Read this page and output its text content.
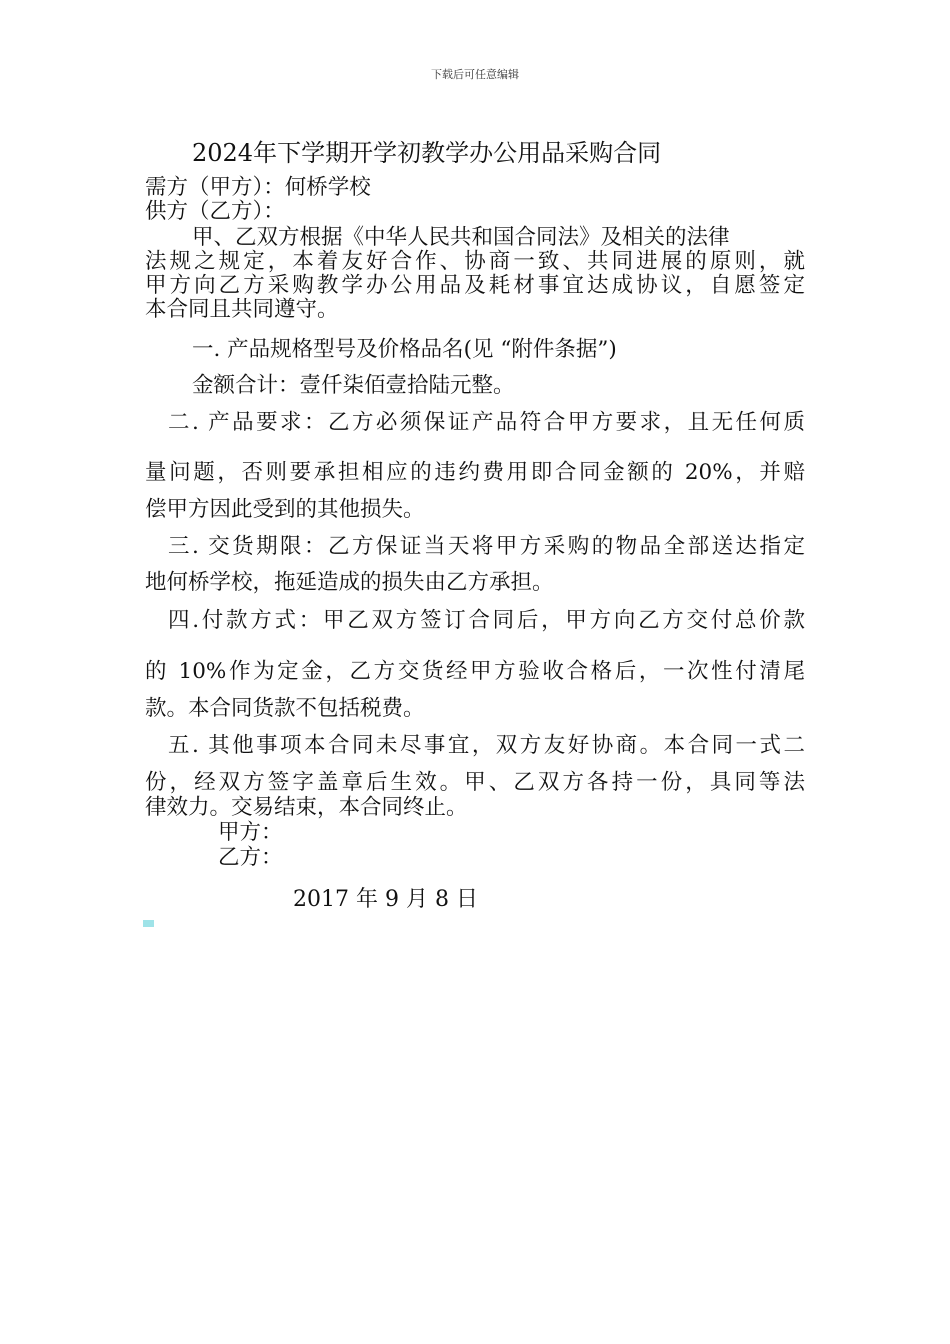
下载后可任意编辑
2024年下学期开学初教学办公用品采购合同
需方（甲方）：何桥学校
供方（乙方）：
甲、乙双方根据《中华人民共和国合同法》及相关的法律
法规之规定，本着友好合作、协商一致、共同进展的原则，就
甲方向乙方采购教学办公用品及耗材事宜达成协议，自愿签定
本合同且共同遵守。
一. 产品规格型号及价格品名(见 “附件条据”)
金额合计：壹仟柒佰壹拾陆元整。
二. 产品要求：乙方必须保证产品符合甲方要求，且无任何质
量问题，否则要承担相应的违约费用即合同金额的 20%，并赔
偿甲方因此受到的其他损失。
三. 交货期限：乙方保证当天将甲方采购的物品全部送达指定
地何桥学校，拖延造成的损失由乙方承担。
四.付款方式：甲乙双方签订合同后，甲方向乙方交付总价款
的 10%作为定金，乙方交货经甲方验收合格后，一次性付清尾
款。本合同货款不包括税费。
五. 其他事项本合同未尽事宜，双方友好协商。本合同一式二
份，经双方签字盖章后生效。甲、乙双方各持一份，具同等法
律效力。交易结束，本合同终止。
甲方：
乙方：
2017 年 9 月 8 日
